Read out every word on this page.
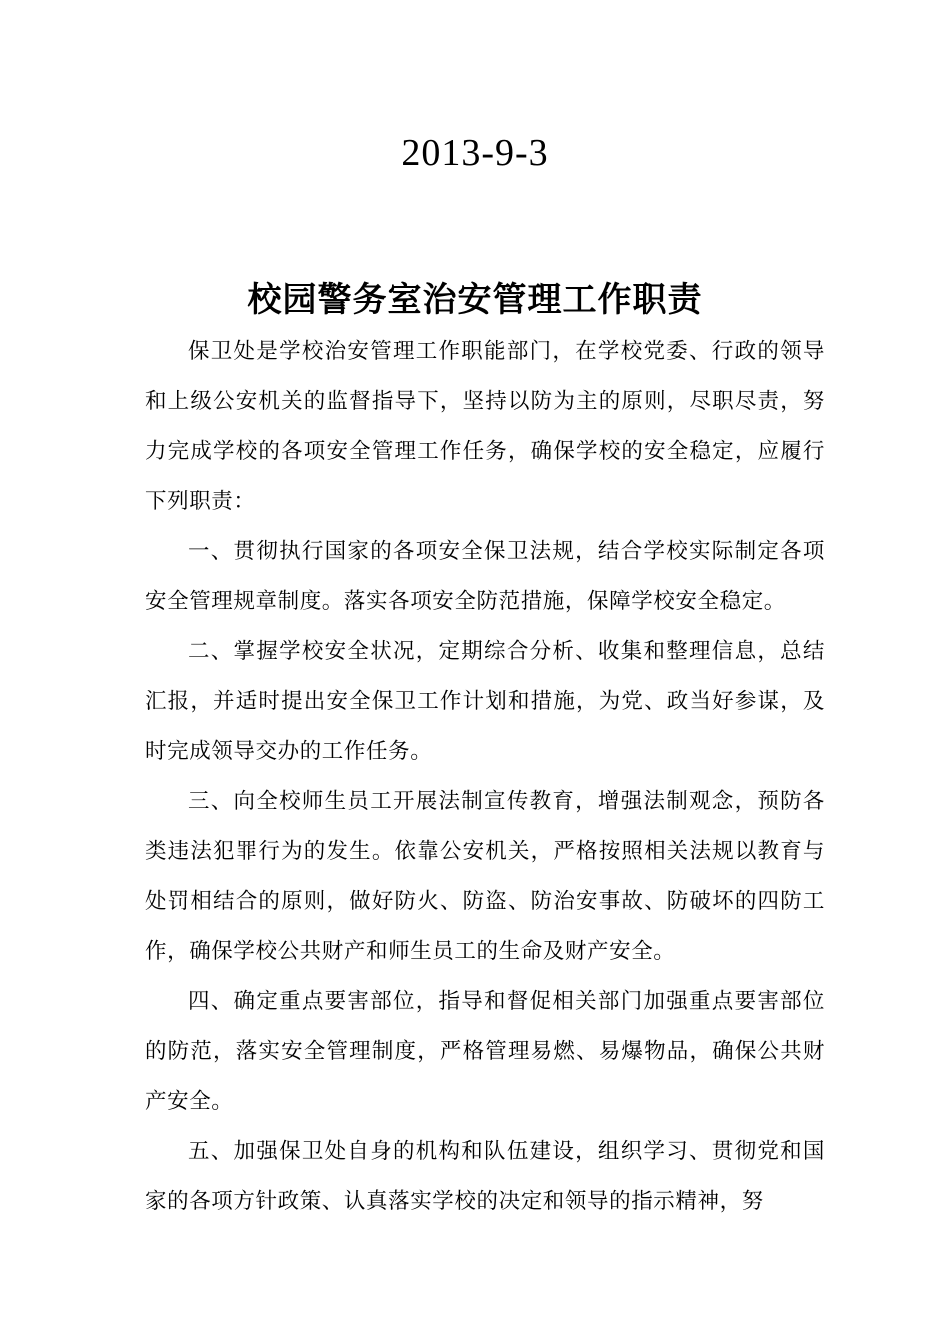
2013-9-3
校园警务室治安管理工作职责

保卫处是学校治安管理工作职能部门，在学校党委、行政的领导和上级公安机关的监督指导下，坚持以防为主的原则，尽职尽责，努力完成学校的各项安全管理工作任务，确保学校的安全稳定，应履行下列职责：

一、贯彻执行国家的各项安全保卫法规，结合学校实际制定各项安全管理规章制度。落实各项安全防范措施，保障学校安全稳定。

二、掌握学校安全状况，定期综合分析、收集和整理信息，总结汇报，并适时提出安全保卫工作计划和措施，为党、政当好参谋，及时完成领导交办的工作任务。

三、向全校师生员工开展法制宣传教育，增强法制观念，预防各类违法犯罪行为的发生。依靠公安机关，严格按照相关法规以教育与处罚相结合的原则，做好防火、防盗、防治安事故、防破坏的四防工作，确保学校公共财产和师生员工的生命及财产安全。

四、确定重点要害部位，指导和督促相关部门加强重点要害部位的防范，落实安全管理制度，严格管理易燃、易爆物品，确保公共财产安全。

五、加强保卫处自身的机构和队伍建设，组织学习、贯彻党和国家的各项方针政策、认真落实学校的决定和领导的指示精神，努
